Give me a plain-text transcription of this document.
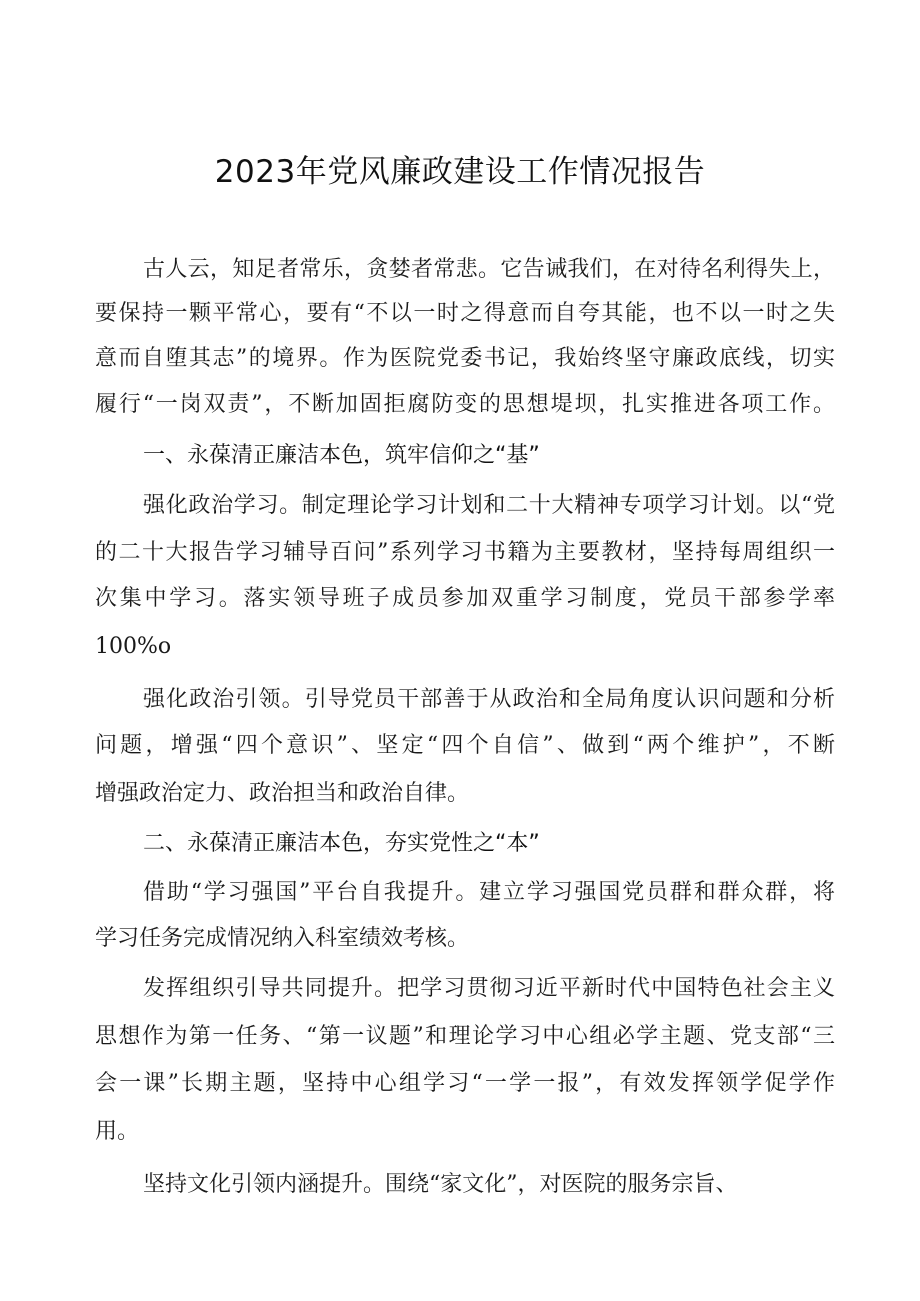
2023年党风廉政建设工作情况报告
古人云，知足者常乐，贪婪者常悲。它告诫我们，在对待名利得失上，
要保持一颗平常心，要有“不以一时之得意而自夸其能，也不以一时之失
意而自堕其志”的境界。作为医院党委书记，我始终坚守廉政底线，切实
履行“一岗双责”，不断加固拒腐防变的思想堤坝，扎实推进各项工作。
一、永葆清正廉洁本色，筑牢信仰之“基”
强化政治学习。制定理论学习计划和二十大精神专项学习计划。以“党
的二十大报告学习辅导百问”系列学习书籍为主要教材，坚持每周组织一
次集中学习。落实领导班子成员参加双重学习制度，党员干部参学率
100%o
强化政治引领。引导党员干部善于从政治和全局角度认识问题和分析
问题，增强“四个意识”、坚定“四个自信”、做到“两个维护”，不断
增强政治定力、政治担当和政治自律。
二、永葆清正廉洁本色，夯实党性之“本”
借助“学习强国”平台自我提升。建立学习强国党员群和群众群，将
学习任务完成情况纳入科室绩效考核。
发挥组织引导共同提升。把学习贯彻习近平新时代中国特色社会主义
思想作为第一任务、“第一议题”和理论学习中心组必学主题、党支部“三
会一课”长期主题，坚持中心组学习“一学一报”，有效发挥领学促学作
用。
坚持文化引领内涵提升。围绕“家文化”，对医院的服务宗旨、
